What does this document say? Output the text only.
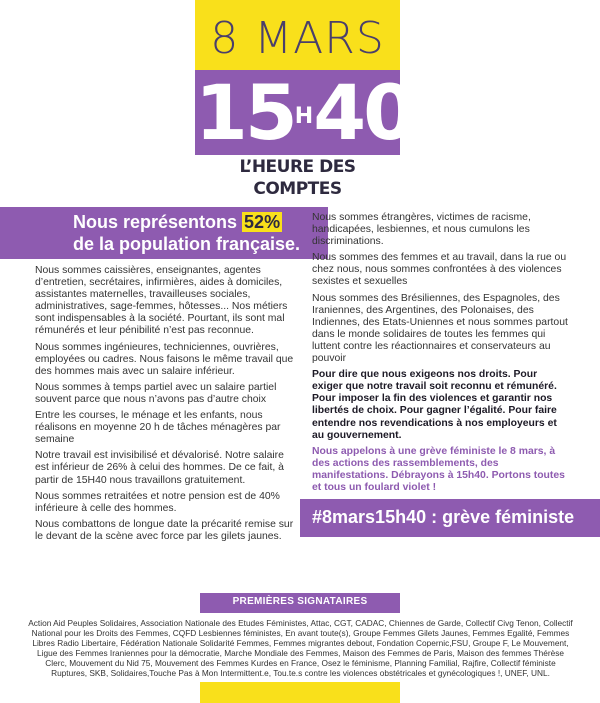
8 MARS
$15^H40$
L’HEURE DES COMPTES
Nous représentons 52%
de la population française.

Nous sommes caissières, enseignantes, agentes d’entretien, secrétaires, infirmières, aides à domiciles, assistantes maternelles, travailleuses sociales, administratives, sage-femmes, hôtesses... Nos métiers sont indispensables à la société. Pourtant, ils sont mal rémunérés et leur pénibilité n’est pas reconnue.

Nous sommes ingénieures, techniciennes, ouvrières, employées ou cadres. Nous faisons le même travail que des hommes mais avec un salaire inférieur.

Nous sommes à temps partiel avec un salaire partiel souvent parce que nous n’avons pas d’autre choix

Entre les courses, le ménage et les enfants, nous réalisons en moyenne 20 h de tâches ménagères par semaine

Notre travail est invisibilisé et dévalorisé. Notre salaire est inférieur de 26% à celui des hommes. De ce fait, à partir de 15H40 nous travaillons gratuitement.

Nous sommes retraitées et notre pension est de 40% inférieure à celle des hommes.

Nous combattons de longue date la précarité remise sur le devant de la scène avec force par les gilets jaunes.

Nous sommes étrangères, victimes de racisme, handicapées, lesbiennes, et nous cumulons les discriminations.

Nous sommes des femmes et au travail, dans la rue ou chez nous, nous sommes confrontées à des violences sexistes et sexuelles

Nous sommes des Brésiliennes, des Espagnoles, des Iraniennes, des Argentines, des Polonaises, des Indiennes, des Etats-Uniennes et nous sommes partout dans le monde solidaires de toutes les femmes qui luttent contre les réactionnaires et conservateurs au pouvoir

Pour dire que nous exigeons nos droits. Pour exiger que notre travail soit reconnu et rémunéré. Pour imposer la fin des violences et garantir nos libertés de choix. Pour gagner l’égalité. Pour faire entendre nos revendications à nos employeurs et au gouvernement.

Nous appelons à une grève féministe le 8 mars, à des actions des rassemblements, des manifestations. Débrayons à 15h40. Portons toutes et tous un foulard violet !

#8mars15h40 : grève féministe
PREMIÈRES SIGNATAIRES
Action Aid Peuples Solidaires, Association Nationale des Etudes Féministes, Attac, CGT, CADAC, Chiennes de Garde, Collectif Civg Tenon, Collectif National pour les Droits des Femmes, CQFD Lesbiennes féministes, En avant toute(s), Groupe Femmes Gilets Jaunes, Femmes Egalité, Femmes Libres Radio Libertaire, Fédération Nationale Solidarité Femmes, Femmes migrantes debout, Fondation Copernic,FSU, Groupe F, Le Mouvement, Ligue des Femmes Iraniennes pour la démocratie, Marche Mondiale des Femmes, Maison des Femmes de Paris, Maison des femmes Thérèse Clerc, Mouvement du Nid 75, Mouvement des Femmes Kurdes en France, Osez le féminisme, Planning Familial, Rajfire, Collectif féministe Ruptures, SKB, Solidaires,Touche Pas à Mon Intermittent.e, Tou.te.s contre les violences obstétricales et gynécologiques !, UNEF, UNL.
